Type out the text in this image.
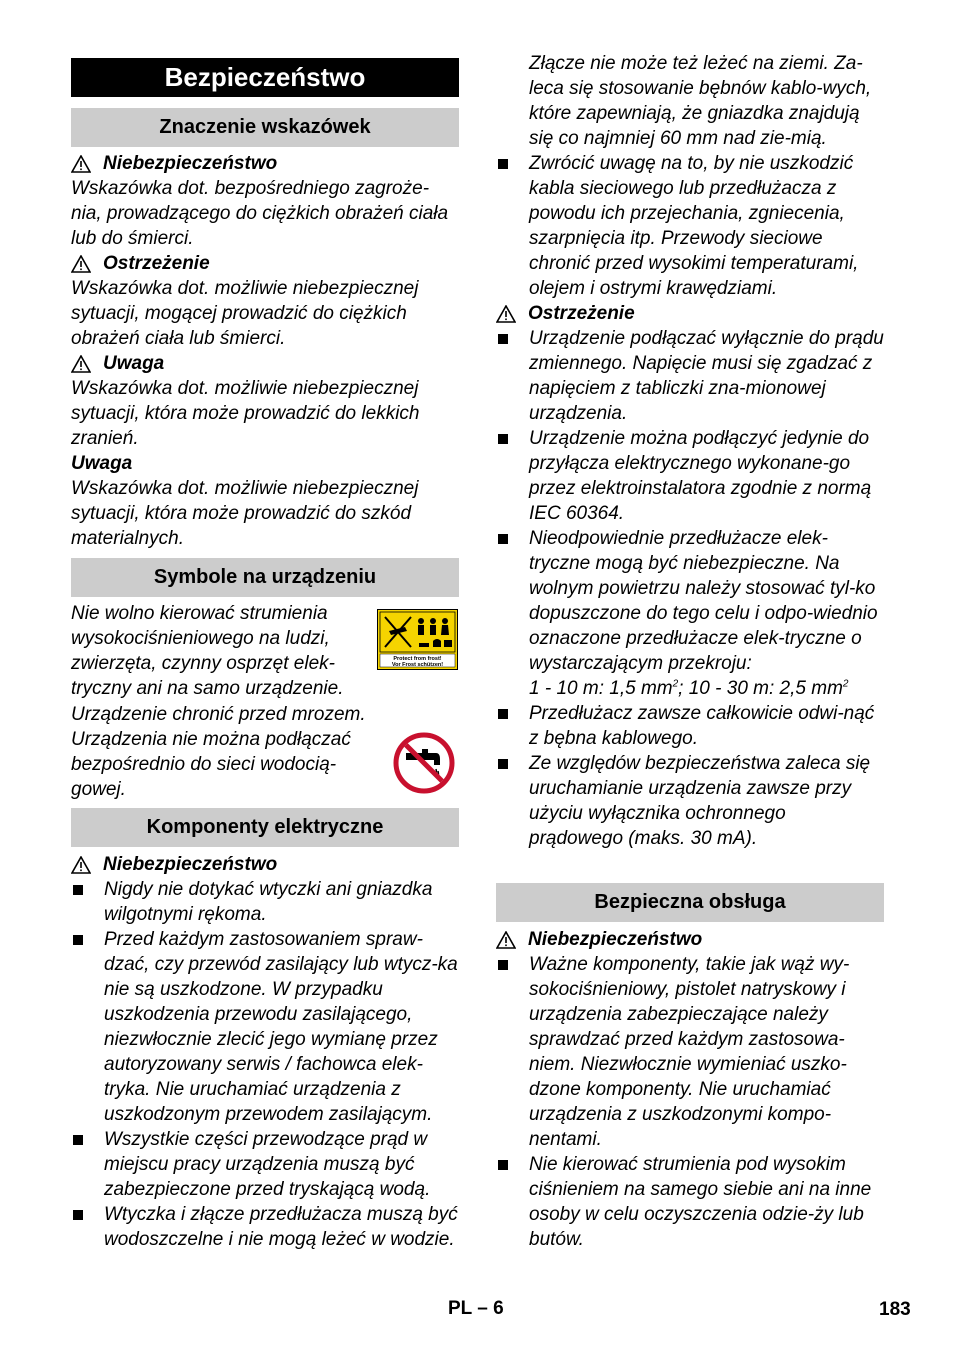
Bezpieczeństwo
Znaczenie wskazówek
Niebezpieczeństwo

Wskazówka dot. bezpośredniego zagroże-nia, prowadzącego do ciężkich obrażeń ciała lub do śmierci.

Ostrzeżenie

Wskazówka dot. możliwie niebezpiecznej sytuacji, mogącej prowadzić do ciężkich obrażeń ciała lub śmierci.

Uwaga

Wskazówka dot. możliwie niebezpiecznej sytuacji, która może prowadzić do lekkich zranień.

Uwaga

Wskazówka dot. możliwie niebezpiecznej sytuacji, która może prowadzić do szkód materialnych.

Symbole na urządzeniu

Nie wolno kierować strumienia wysokociśnieniowego na ludzi, zwierzęta, czynny osprzęt elek-tryczny ani na samo urządzenie.

Urządzenie chronić przed mrozem.

Urządzenia nie można podłączać bezpośrednio do sieci wodocią-gowej.

Protect from frost!
Vor Frost schützen!
Komponenty elektryczne
Niebezpieczeństwo
Nigdy nie dotykać wtyczki ani gniazdka wilgotnymi rękoma.
Przed każdym zastosowaniem spraw-dzać, czy przewód zasilający lub wtycz-ka nie są uszkodzone. W przypadku uszkodzenia przewodu zasilającego, niezwłocznie zlecić jego wymianę przez autoryzowany serwis / fachowca elek-tryka. Nie uruchamiać urządzenia z uszkodzonym przewodem zasilającym.
Wszystkie części przewodzące prąd w miejscu pracy urządzenia muszą być zabezpieczone przed tryskającą wodą.
Wtyczka i złącze przedłużacza muszą być wodoszczelne i nie mogą leżeć w wodzie.
Złącze nie może też leżeć na ziemi. Za-leca się stosowanie bębnów kablo-wych, które zapewniają, że gniazdka znajdują się co najmniej 60 mm nad zie-mią.
Zwrócić uwagę na to, by nie uszkodzić kabla sieciowego lub przedłużacza z powodu ich przejechania, zgniecenia, szarpnięcia itp. Przewody sieciowe chronić przed wysokimi temperaturami, olejem i ostrymi krawędziami.
Ostrzeżenie
Urządzenie podłączać wyłącznie do prądu zmiennego. Napięcie musi się zgadzać z napięciem z tabliczki zna-mionowej urządzenia.
Urządzenie można podłączyć jedynie do przyłącza elektrycznego wykonane-go przez elektroinstalatora zgodnie z normą IEC 60364.
Nieodpowiednie przedłużacze elek-tryczne mogą być niebezpieczne. Na wolnym powietrzu należy stosować tyl-ko dopuszczone do tego celu i odpo-wiednio oznaczone przedłużacze elek-tryczne o wystarczającym przekroju:
1 - 10 m: 1,5 $mm^2$; 10 - 30 m: 2,5 $mm^2$
Przedłużacz zawsze całkowicie odwi-nąć z bębna kablowego.
Ze względów bezpieczeństwa zaleca się uruchamianie urządzenia zawsze przy użyciu wyłącznika ochronnego prądowego (maks. 30 mA).
Bezpieczna obsługa
Niebezpieczeństwo
Ważne komponenty, takie jak wąż wy-sokociśnieniowy, pistolet natryskowy i urządzenia zabezpieczające należy sprawdzać przed każdym zastosowa-niem. Niezwłocznie wymieniać uszko-dzone komponenty. Nie uruchamiać urządzenia z uszkodzonymi kompo-nentami.
Nie kierować strumienia pod wysokim ciśnieniem na samego siebie ani na inne osoby w celu oczyszczenia odzie-ży lub butów.
PL – 6	183
